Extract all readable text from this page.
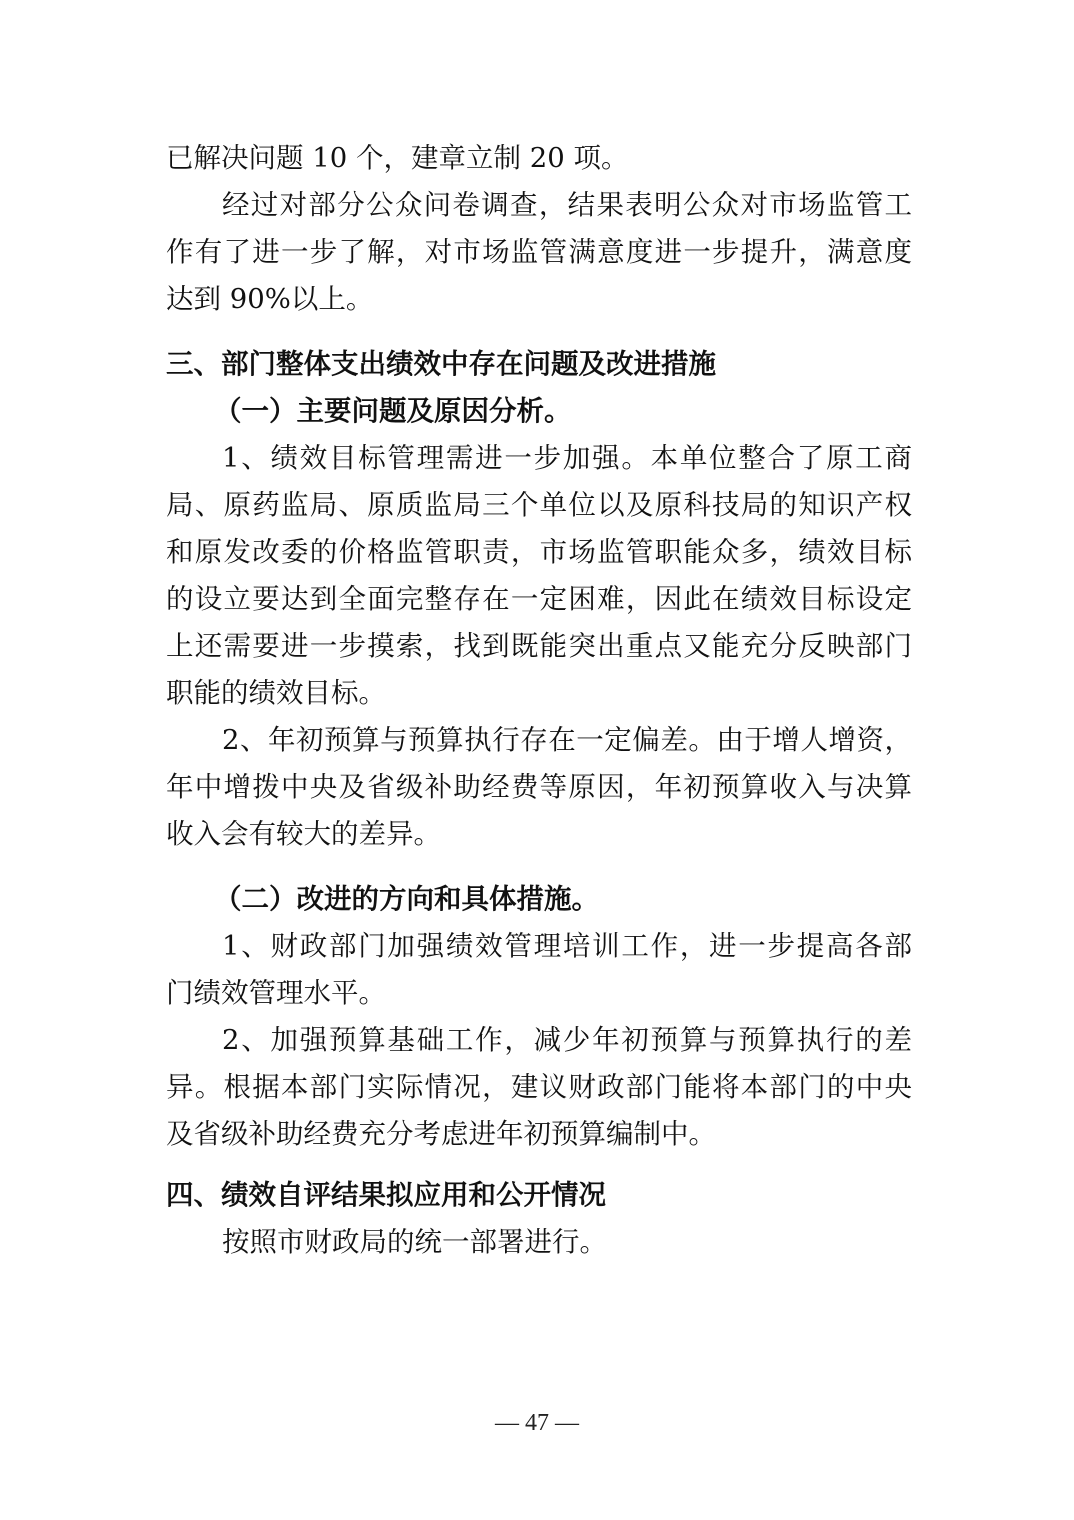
已解决问题 10 个，建章立制 20 项。
经过对部分公众问卷调查，结果表明公众对市场监管工
作有了进一步了解，对市场监管满意度进一步提升，满意度
达到 90%以上。
三、部门整体支出绩效中存在问题及改进措施
（一）主要问题及原因分析。
1、绩效目标管理需进一步加强。本单位整合了原工商
局、原药监局、原质监局三个单位以及原科技局的知识产权
和原发改委的价格监管职责，市场监管职能众多，绩效目标
的设立要达到全面完整存在一定困难，因此在绩效目标设定
上还需要进一步摸索，找到既能突出重点又能充分反映部门
职能的绩效目标。
2、年初预算与预算执行存在一定偏差。由于增人增资，
年中增拨中央及省级补助经费等原因，年初预算收入与决算
收入会有较大的差异。
（二）改进的方向和具体措施。
1、财政部门加强绩效管理培训工作，进一步提高各部
门绩效管理水平。
2、加强预算基础工作，减少年初预算与预算执行的差
异。根据本部门实际情况，建议财政部门能将本部门的中央
及省级补助经费充分考虑进年初预算编制中。
四、绩效自评结果拟应用和公开情况
按照市财政局的统一部署进行。
— 47 —
